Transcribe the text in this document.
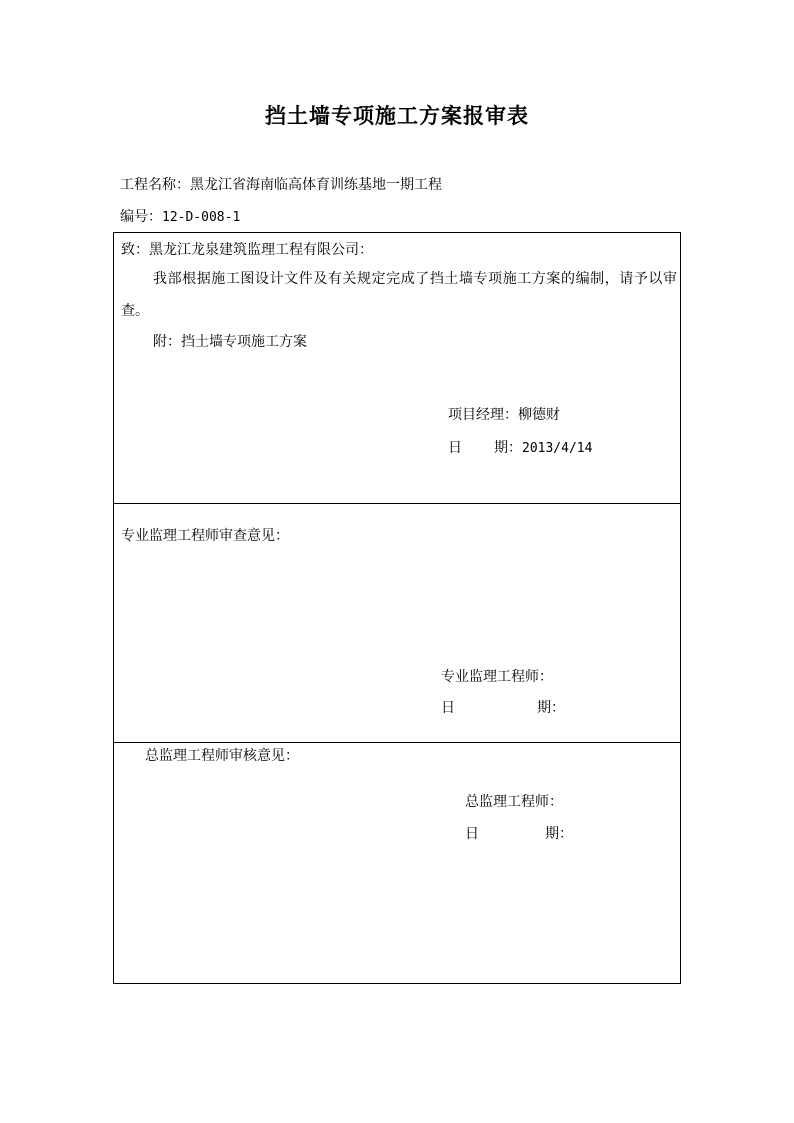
挡土墙专项施工方案报审表
工程名称：黑龙江省海南临高体育训练基地一期工程
编号：12-D-008-1
致：黑龙江龙泉建筑监理工程有限公司：
我部根据施工图设计文件及有关规定完成了挡土墙专项施工方案的编制，请予以审查。
附：挡土墙专项施工方案
项目经理：柳德财
日 期：2013/4/14
专业监理工程师审查意见：
专业监理工程师：
日	期：
总监理工程师审核意见：
总监理工程师：
日	期：
